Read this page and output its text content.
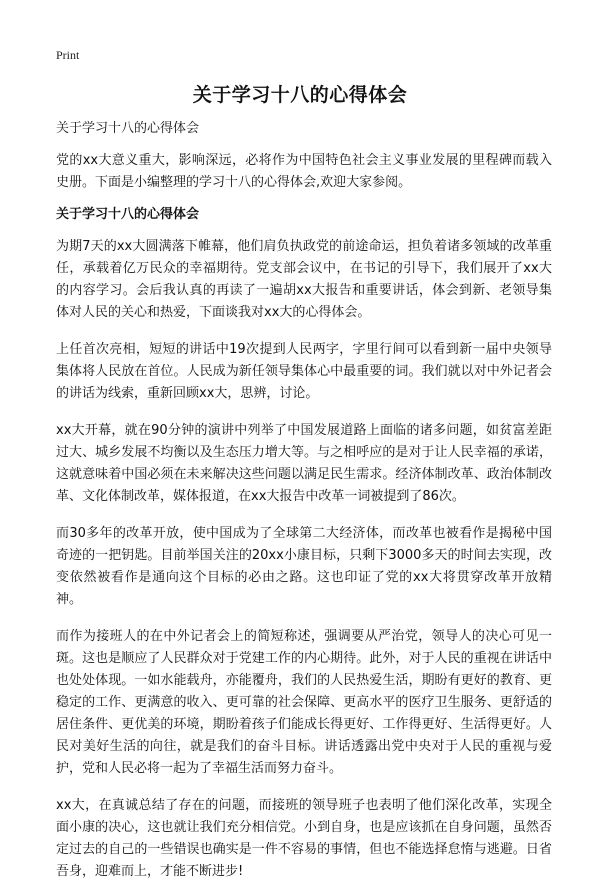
Print
关于学习十八的心得体会

关于学习十八的心得体会

党的xx大意义重大，影响深远，必将作为中国特色社会主义事业发展的里程碑而载入史册。下面是小编整理的学习十八的心得体会,欢迎大家参阅。

关于学习十八的心得体会

为期7天的xx大圆满落下帷幕，他们肩负执政党的前途命运，担负着诸多领域的改革重任，承载着亿万民众的幸福期待。党支部会议中，在书记的引导下，我们展开了xx大的内容学习。会后我认真的再读了一遍胡xx大报告和重要讲话，体会到新、老领导集体对人民的关心和热爱，下面谈我对xx大的心得体会。

上任首次亮相，短短的讲话中19次提到人民两字，字里行间可以看到新一届中央领导集体将人民放在首位。人民成为新任领导集体心中最重要的词。我们就以对中外记者会的讲话为线索，重新回顾xx大，思辨，讨论。

xx大开幕，就在90分钟的演讲中列举了中国发展道路上面临的诸多问题，如贫富差距过大、城乡发展不均衡以及生态压力增大等。与之相呼应的是对于让人民幸福的承诺，这就意味着中国必须在未来解决这些问题以满足民生需求。经济体制改革、政治体制改革、文化体制改革，媒体报道，在xx大报告中改革一词被提到了86次。

而30多年的改革开放，使中国成为了全球第二大经济体，而改革也被看作是揭秘中国奇迹的一把钥匙。目前举国关注的20xx小康目标，只剩下3000多天的时间去实现，改变依然被看作是通向这个目标的必由之路。这也印证了党的xx大将贯穿改革开放精神。

而作为接班人的在中外记者会上的简短称述，强调要从严治党，领导人的决心可见一斑。这也是顺应了人民群众对于党建工作的内心期待。此外，对于人民的重视在讲话中也处处体现。一如水能载舟，亦能覆舟，我们的人民热爱生活，期盼有更好的教育、更稳定的工作、更满意的收入、更可靠的社会保障、更高水平的医疗卫生服务、更舒适的居住条件、更优美的环境，期盼着孩子们能成长得更好、工作得更好、生活得更好。人民对美好生活的向往，就是我们的奋斗目标。讲话透露出党中央对于人民的重视与爱护，党和人民必将一起为了幸福生活而努力奋斗。

xx大，在真诚总结了存在的问题，而接班的领导班子也表明了他们深化改革，实现全面小康的决心，这也就让我们充分相信党。小到自身，也是应该抓在自身问题，虽然否定过去的自己的一些错误也确实是一件不容易的事情，但也不能选择怠惰与逃避。日省吾身，迎难而上，才能不断进步!
